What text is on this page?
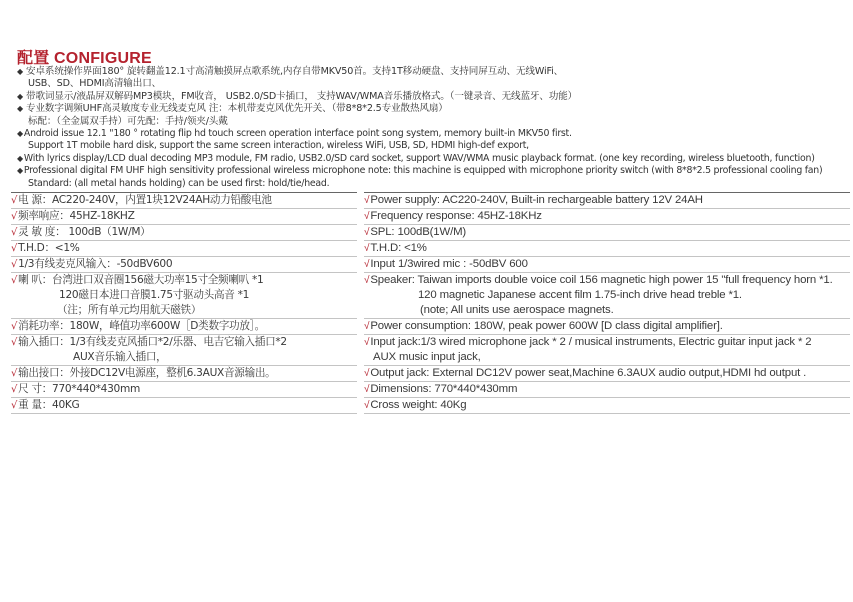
配置 CONFIGURE
◆ 安卓系统操作界面180° 旋转翻盖12.1寸高清触摸屏点歌系统,内存自带MKV50首。支持1T移动硬盘、支持同屏互动、无线WiFi、
USB、SD、HDMI高清输出口、
◆ 带歌词显示/液晶屏双解码MP3模块，FM收音， USB2.0/SD卡插口， 支持WAV/WMA音乐播放格式。（一键录音、无线蓝牙、功能）
◆ 专业数字调频UHF高灵敏度专业无线麦克风 注：本机带麦克风优先开关、（带8*8*2.5专业散热风扇）
标配：（全金属双手持）可先配：手持/领夹/头戴
◆Android issue 12.1 "180 ° rotating flip hd touch screen operation interface point song system, memory built-in MKV50 first.
Support 1T mobile hard disk, support the same screen interaction, wireless WiFi, USB, SD, HDMI high-def export,
◆With lyrics display/LCD dual decoding MP3 module, FM radio, USB2.0/SD card socket, support WAV/WMA music playback format. (one key recording, wireless bluetooth, function)
◆Professional digital FM UHF high sensitivity professional wireless microphone note: this machine is equipped with microphone priority switch (with 8*8*2.5 professional cooling fan)
Standard: (all metal hands holding) can be used first: hold/tie/head.
√电 源：AC220-240V，内置1块12V24AH动力铅酸电池
√频率响应：45HZ-18KHZ
√灵 敏 度： 100dB（1W/M）
√T.H.D：<1%
√1/3有线麦克风输入：-50dBV600
√喇 叭：台湾进口双音圈156磁大功率15寸全频喇叭 *1
120磁日本进口音膜1.75寸驱动头高音 *1
（注；所有单元均用航天磁铁）
√消耗功率：180W，峰值功率600W［D类数字功放］。
√输入插口：1/3有线麦克风插口*2/乐器、电吉它输入插口*2
AUX音乐输入插口，
√输出接口：外接DC12V电源座，整机6.3AUX音源输出。
√尺 寸：770*440*430mm
√重 量：40KG
√Power supply: AC220-240V, Built-in rechargeable battery 12V 24AH
√Frequency response: 45HZ-18KHz
√SPL: 100dB(1W/M)
√T.H.D: <1%
√Input 1/3wired mic : -50dBV 600
√Speaker: Taiwan imports double voice coil 156 magnetic high power 15 "full frequency horn *1.
120 magnetic Japanese accent film 1.75-inch drive head treble *1.
(note; All units use aerospace magnets.
√Power consumption: 180W, peak power 600W [D class digital amplifier].
√Input jack:1/3 wired microphone jack * 2 / musical instruments, Electric guitar input jack * 2
AUX music input jack,
√Output jack: External DC12V power seat,Machine 6.3AUX audio output,HDMI hd output .
√Dimensions: 770*440*430mm
√Cross weight: 40Kg
